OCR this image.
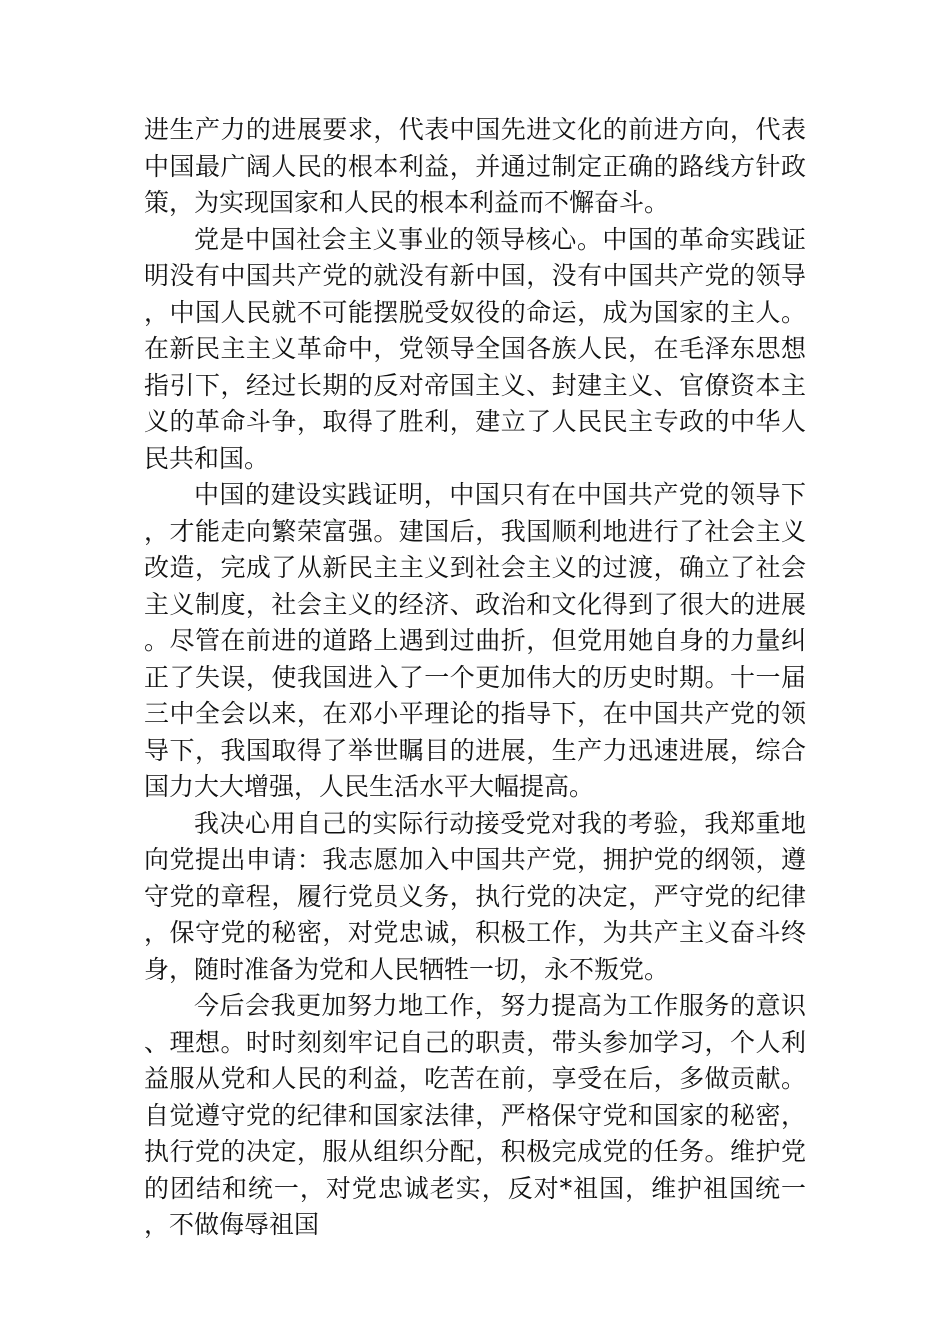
进生产力的进展要求，代表中国先进文化的前进方向，代表中国最广阔人民的根本利益，并通过制定正确的路线方针政策，为实现国家和人民的根本利益而不懈奋斗。

党是中国社会主义事业的领导核心。中国的革命实践证明没有中国共产党的就没有新中国，没有中国共产党的领导，中国人民就不可能摆脱受奴役的命运，成为国家的主人。在新民主主义革命中，党领导全国各族人民，在毛泽东思想指引下，经过长期的反对帝国主义、封建主义、官僚资本主义的革命斗争，取得了胜利，建立了人民民主专政的中华人民共和国。

中国的建设实践证明，中国只有在中国共产党的领导下，才能走向繁荣富强。建国后，我国顺利地进行了社会主义改造，完成了从新民主主义到社会主义的过渡，确立了社会主义制度，社会主义的经济、政治和文化得到了很大的进展。尽管在前进的道路上遇到过曲折，但党用她自身的力量纠正了失误，使我国进入了一个更加伟大的历史时期。十一届三中全会以来，在邓小平理论的指导下，在中国共产党的领导下，我国取得了举世瞩目的进展，生产力迅速进展，综合国力大大增强，人民生活水平大幅提高。

我决心用自己的实际行动接受党对我的考验，我郑重地向党提出申请：我志愿加入中国共产党，拥护党的纲领，遵守党的章程，履行党员义务，执行党的决定，严守党的纪律，保守党的秘密，对党忠诚，积极工作，为共产主义奋斗终身，随时准备为党和人民牺牲一切，永不叛党。

今后会我更加努力地工作，努力提高为工作服务的意识、理想。时时刻刻牢记自己的职责，带头参加学习，个人利益服从党和人民的利益，吃苦在前，享受在后，多做贡献。自觉遵守党的纪律和国家法律，严格保守党和国家的秘密，执行党的决定，服从组织分配，积极完成党的任务。维护党的团结和统一，对党忠诚老实，反对*祖国，维护祖国统一，不做侮辱祖国
